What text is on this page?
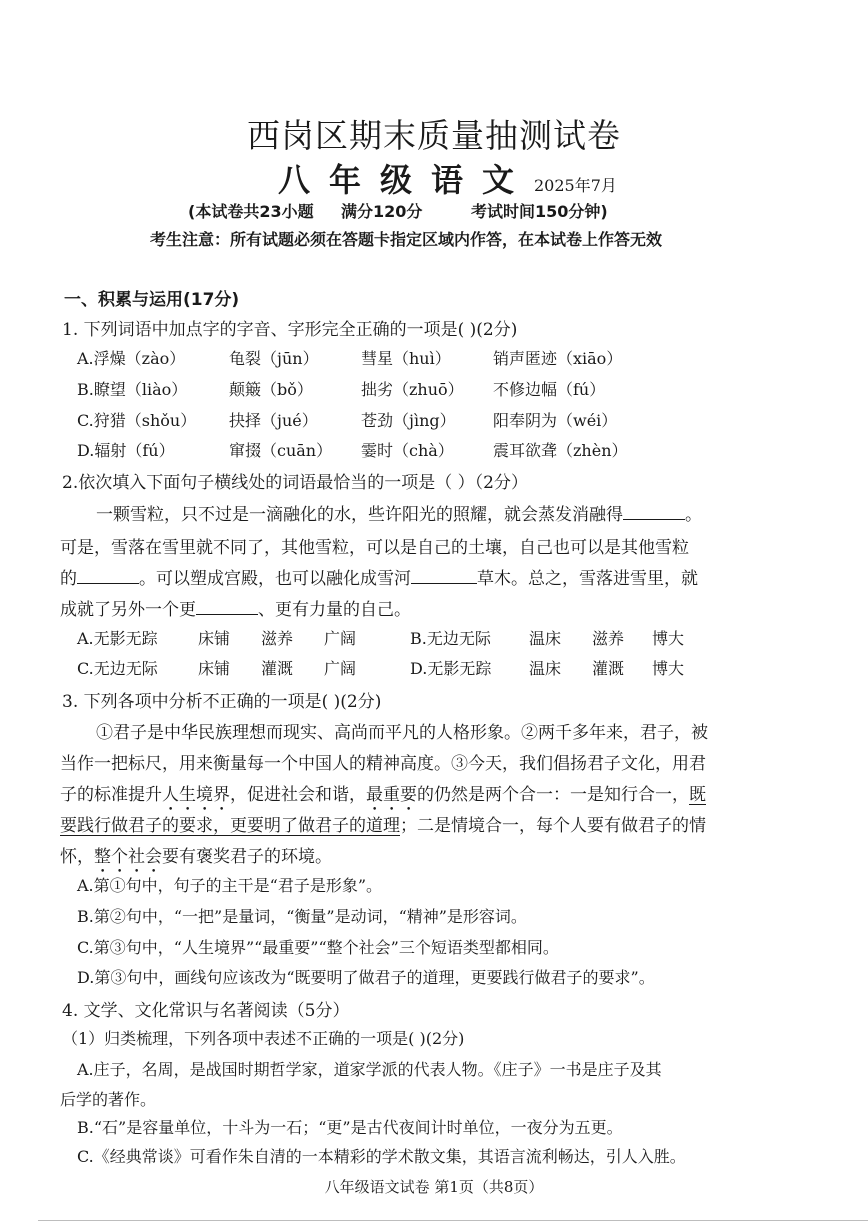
西岗区期末质量抽测试卷
八年级语文 2025年7月
(本试卷共23小题 满分120分	考试时间150分钟)
考生注意：所有试题必须在答题卡指定区域内作答，在本试卷上作答无效
一、积累与运用(17分)
1. 下列词语中加点字的字音、字形完全正确的一项是( )(2分)
A.浮燥（zào）	龟裂（jūn）	彗星（huì）	销声匿迹（xiāo）
B.瞭望（liào）	颠簸（bǒ）	拙劣（zhuō） 不修边幅（fú）
C.狩猎（shǒu） 抉择（jué）	苍劲（jìng） 阳奉阴为（wéi）
D.辐射（fú）	窜掇（cuān） 霎时（chà） 震耳欲聋（zhèn）
2.依次填入下面句子横线处的词语最恰当的一项是（ ）（2分）
一颗雪粒，只不过是一滴融化的水，些许阳光的照耀，就会蒸发消融得	。
可是，雪落在雪里就不同了，其他雪粒，可以是自己的土壤，自己也可以是其他雪粒
的	。可以塑成宫殿，也可以融化成雪河	草木。总之，雪落进雪里，就
成就了另外一个更	、更有力量的自己。
A.无影无踪	床铺 滋养 广阔	B.无边无际 温床 滋养 博大
C.无边无际	床铺 灌溉 广阔	D.无影无踪 温床 灌溉 博大
3. 下列各项中分析不正确的一项是( )(2分)
①君子是中华民族理想而现实、高尚而平凡的人格形象。②两千多年来，君子，被
当作一把标尺，用来衡量每一个中国人的精神高度。③今天，我们倡扬君子文化，用君
子的标准提升人生境界，促进社会和谐，最重要的仍然是两个合一：一是知行合一，既
要践行做君子的要求，更要明了做君子的道理；二是情境合一，每个人要有做君子的情
怀，整个社会要有褒奖君子的环境。
A.第①句中，句子的主干是“君子是形象”。
B.第②句中，“一把”是量词，“衡量”是动词，“精神”是形容词。
C.第③句中，“人生境界”“最重要”“整个社会”三个短语类型都相同。
D.第③句中，画线句应该改为“既要明了做君子的道理，更要践行做君子的要求”。
4. 文学、文化常识与名著阅读（5分）
（1）归类梳理，下列各项中表述不正确的一项是( )(2分)
A.庄子，名周，是战国时期哲学家，道家学派的代表人物。《庄子》一书是庄子及其
后学的著作。
B.“石”是容量单位，十斗为一石；“更”是古代夜间计时单位，一夜分为五更。
C.《经典常谈》可看作朱自清的一本精彩的学术散文集，其语言流利畅达，引人入胜。
八年级语文试卷 第1页（共8页）
